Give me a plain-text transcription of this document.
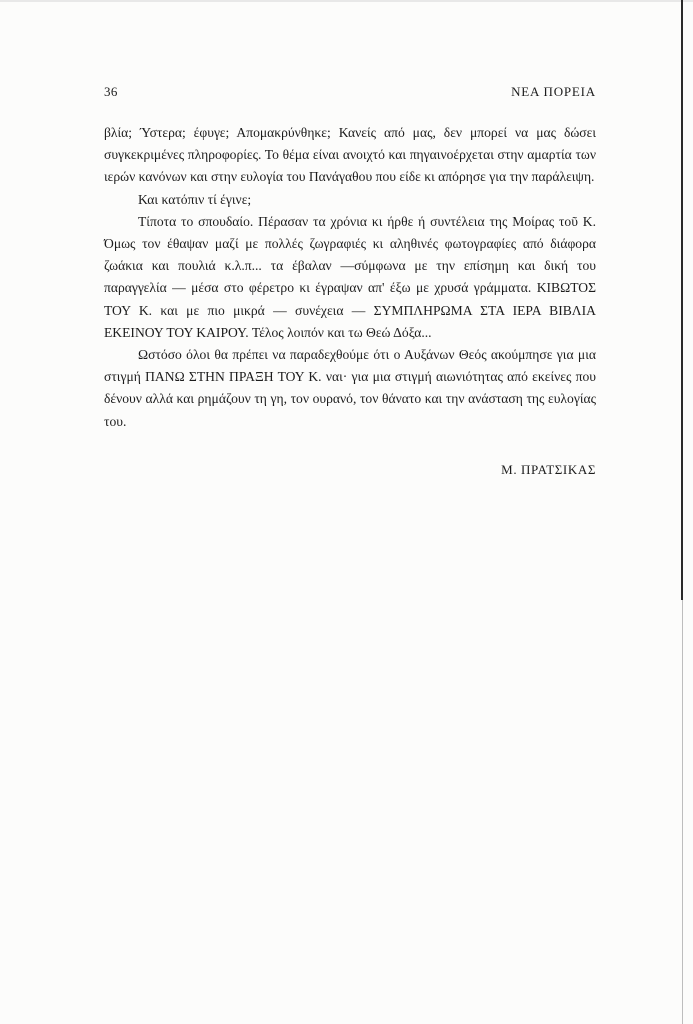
36	ΝΕΑ ΠΟΡΕΙΑ

βλία; Ύστερα; έφυγε; Απομακρύνθηκε; Κανείς από μας, δεν μπορεί να μας δώσει συγκεκριμένες πληροφορίες. Το θέμα είναι ανοιχτό και πηγαινοέρχεται στην αμαρτία των ιερών κανόνων και στην ευλογία του Πανάγαθου που είδε κι απόρησε για την παράλειψη.

Και κατόπιν τί έγινε;

Τίποτα το σπουδαίο. Πέρασαν τα χρόνια κι ήρθε ή συντέλεια της Μοίρας τοῦ Κ. Όμως τον έθαψαν μαζί με πολλές ζωγραφιές κι αληθινές φωτογραφίες από διάφορα ζωάκια και πουλιά κ.λ.π... τα έβαλαν —σύμφωνα με την επίσημη και δική του παραγγελία — μέσα στο φέρετρο κι έγραψαν απ' έξω με χρυσά γράμματα. ΚΙΒΩΤΟΣ ΤΟΥ Κ. και με πιο μικρά — συνέχεια — ΣΥΜΠΛΗΡΩΜΑ ΣΤΑ ΙΕΡΑ ΒΙΒΛΙΑ ΕΚΕΙΝΟΥ ΤΟΥ ΚΑΙΡΟΥ. Τέλος λοιπόν και τω Θεώ Δόξα...

Ωστόσο όλοι θα πρέπει να παραδεχθούμε ότι ο Αυξάνων Θεός ακούμπησε για μια στιγμή ΠΑΝΩ ΣΤΗΝ ΠΡΑΞΗ ΤΟΥ Κ. ναι· για μια στιγμή αιωνιότητας από εκείνες που δένουν αλλά και ρημάζουν τη γη, τον ουρανό, τον θάνατο και την ανάσταση της ευλογίας του.

Μ. ΠΡΑΤΣΙΚΑΣ
